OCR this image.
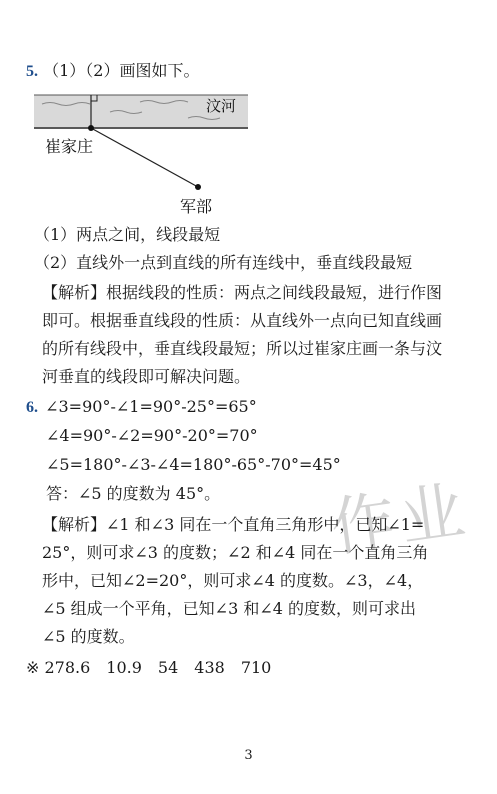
5. （1）（2）画图如下。
汶河
崔家庄
军部
（1）两点之间，线段最短
（2）直线外一点到直线的所有连线中，垂直线段最短
【解析】根据线段的性质：两点之间线段最短，进行作图
即可。根据垂直线段的性质：从直线外一点向已知直线画
的所有线段中，垂直线段最短；所以过崔家庄画一条与汶
河垂直的线段即可解决问题。
作业
6. ∠3=90°-∠1=90°-25°=65°
∠4=90°-∠2=90°-20°=70°
∠5=180°-∠3-∠4=180°-65°-70°=45°
答：∠5 的度数为 45°。
【解析】∠1 和∠3 同在一个直角三角形中，已知∠1=
25°，则可求∠3 的度数；∠2 和∠4 同在一个直角三角
形中，已知∠2=20°，则可求∠4 的度数。∠3，∠4，
∠5 组成一个平角，已知∠3 和∠4 的度数，则可求出
∠5 的度数。
※ 278.6　10.9　54　438　710
3
